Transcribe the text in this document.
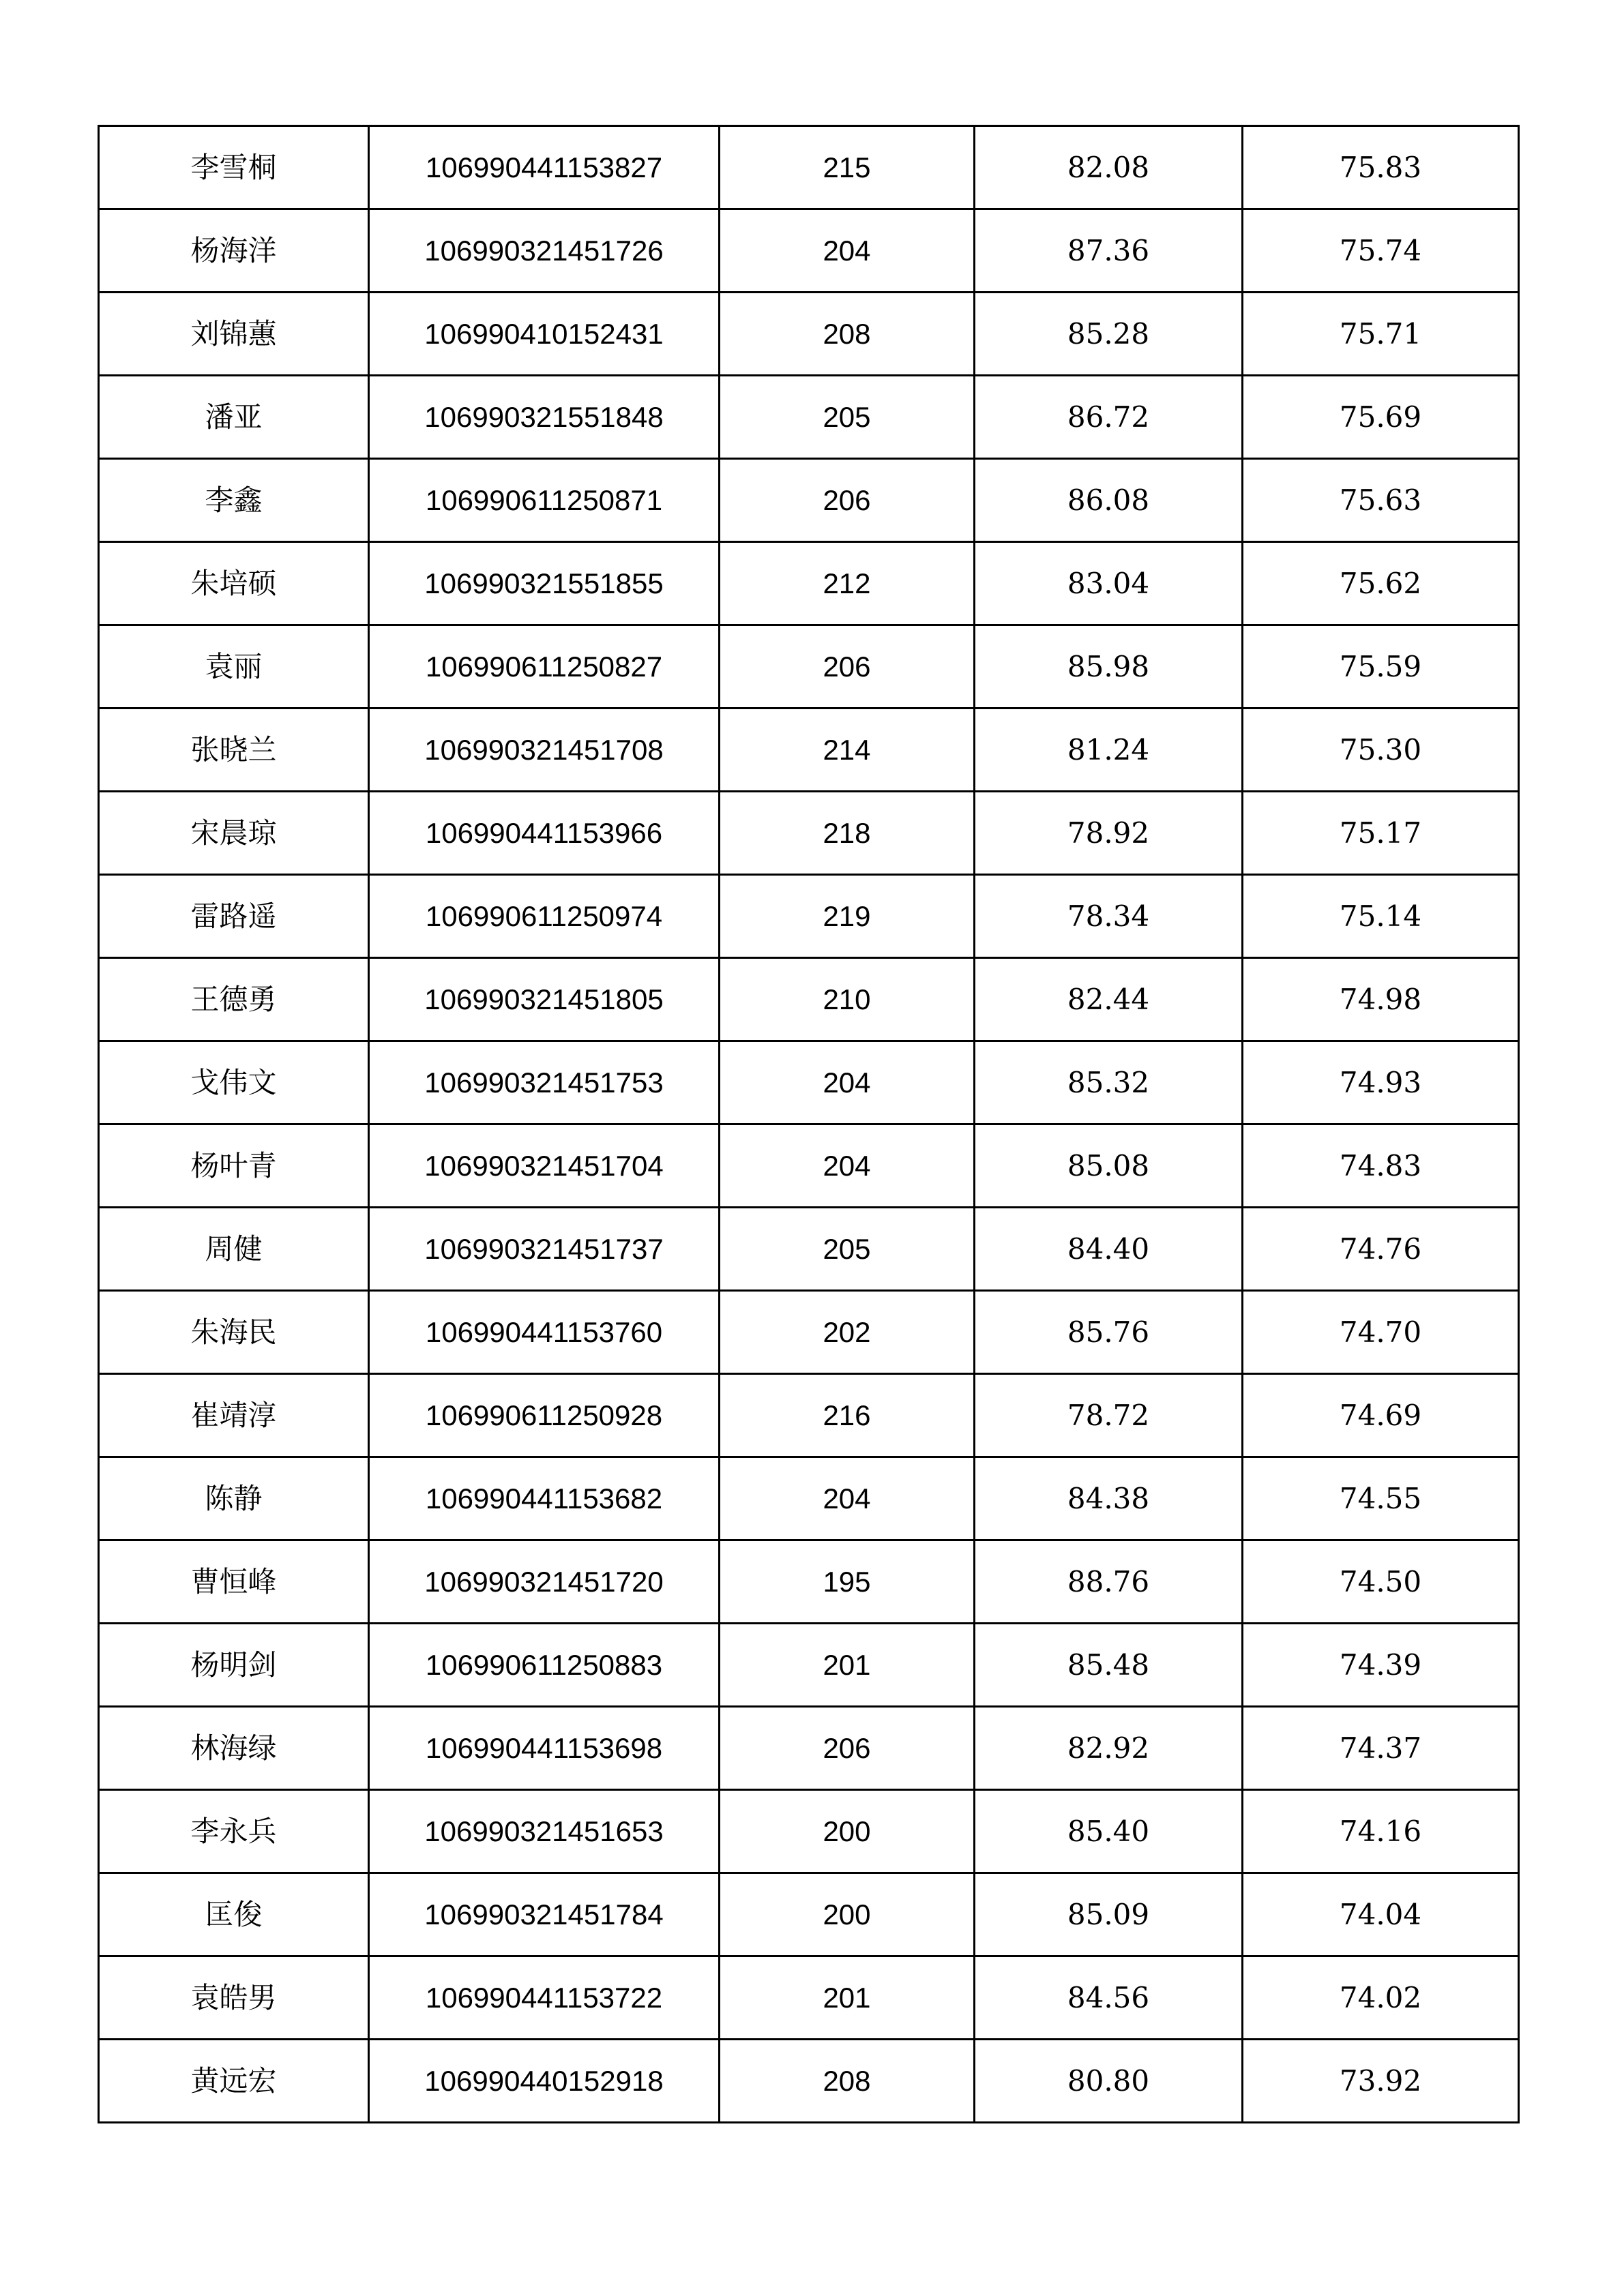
李雪桐	106990441153827	215	82.08	75.83
杨海洋	106990321451726	204	87.36	75.74
刘锦蕙	106990410152431	208	85.28	75.71
潘亚	106990321551848	205	86.72	75.69
李鑫	106990611250871	206	86.08	75.63
朱培硕	106990321551855	212	83.04	75.62
袁丽	106990611250827	206	85.98	75.59
张晓兰	106990321451708	214	81.24	75.30
宋晨琼	106990441153966	218	78.92	75.17
雷路遥	106990611250974	219	78.34	75.14
王德勇	106990321451805	210	82.44	74.98
戈伟文	106990321451753	204	85.32	74.93
杨叶青	106990321451704	204	85.08	74.83
周健	106990321451737	205	84.40	74.76
朱海民	106990441153760	202	85.76	74.70
崔靖淳	106990611250928	216	78.72	74.69
陈静	106990441153682	204	84.38	74.55
曹恒峰	106990321451720	195	88.76	74.50
杨明剑	106990611250883	201	85.48	74.39
林海绿	106990441153698	206	82.92	74.37
李永兵	106990321451653	200	85.40	74.16
匡俊	106990321451784	200	85.09	74.04
袁皓男	106990441153722	201	84.56	74.02
黄远宏	106990440152918	208	80.80	73.92
